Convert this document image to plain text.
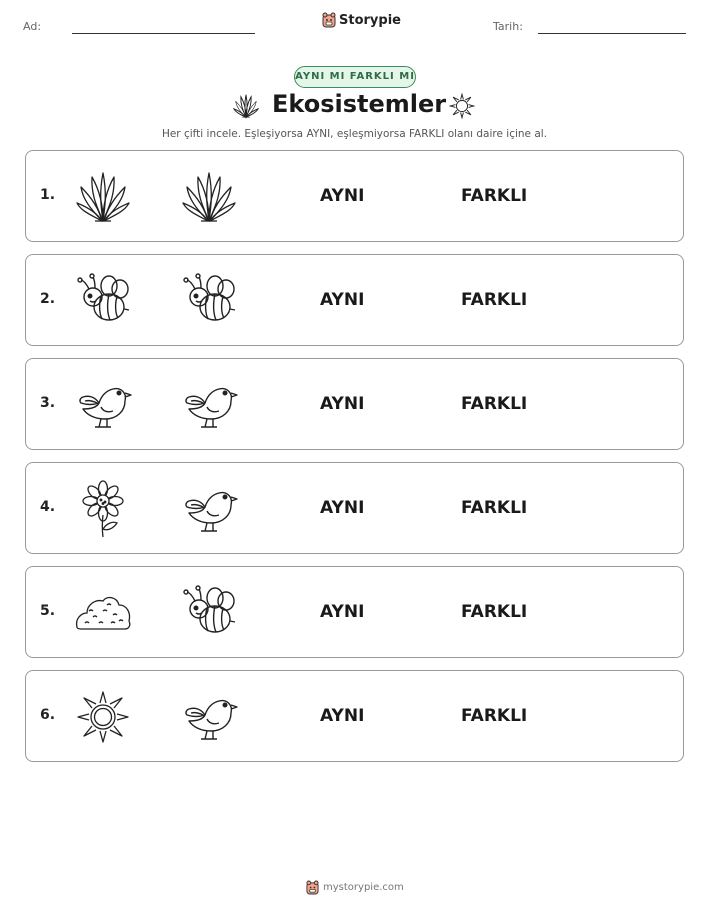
Ad:	Storypie	Tarih:
AYNI MI FARKLI MI
Ekosistemler
Her çifti incele. Eşleşiyorsa AYNI, eşleşmiyorsa FARKLI olanı daire içine al.
1.	AYNI	FARKLI
2.	AYNI	FARKLI
3.	AYNI	FARKLI
4.	AYNI	FARKLI
5.	AYNI	FARKLI
6.	AYNI	FARKLI
mystorypie.com
